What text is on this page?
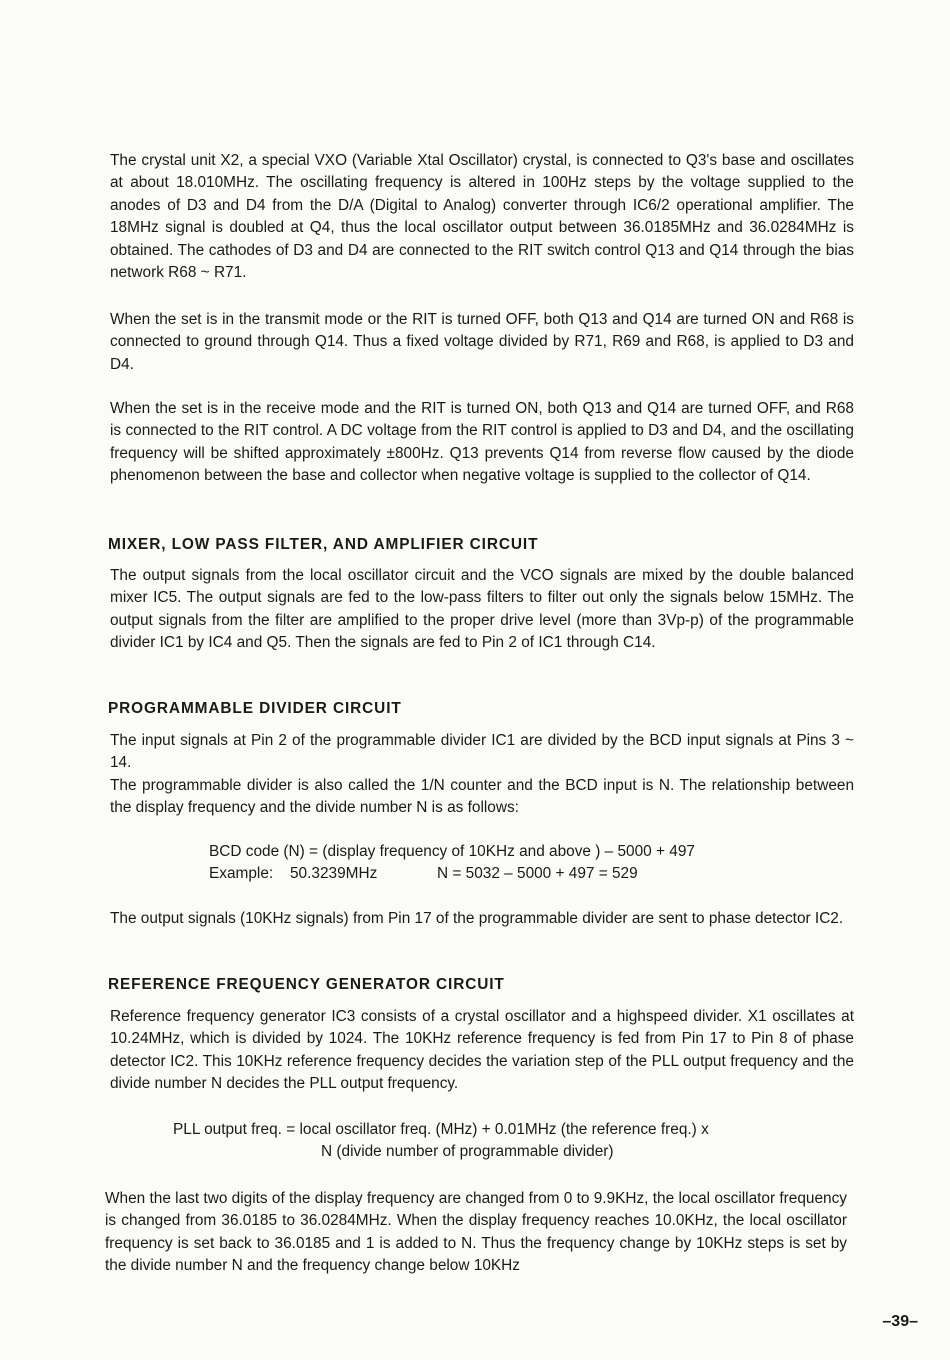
The crystal unit X2, a special VXO (Variable Xtal Oscillator) crystal, is connected to Q3's base and oscillates at about 18.010MHz. The oscillating frequency is altered in 100Hz steps by the voltage supplied to the anodes of D3 and D4 from the D/A (Digital to Analog) converter through IC6/2 operational amplifier. The 18MHz signal is doubled at Q4, thus the local oscillator output between 36.0185MHz and 36.0284MHz is obtained. The cathodes of D3 and D4 are connected to the RIT switch control Q13 and Q14 through the bias network R68 ~ R71.

When the set is in the transmit mode or the RIT is turned OFF, both Q13 and Q14 are turned ON and R68 is connected to ground through Q14. Thus a fixed voltage divided by R71, R69 and R68, is applied to D3 and D4.

When the set is in the receive mode and the RIT is turned ON, both Q13 and Q14 are turned OFF, and R68 is connected to the RIT control. A DC voltage from the RIT control is applied to D3 and D4, and the oscillating frequency will be shifted approximately ±800Hz. Q13 prevents Q14 from reverse flow caused by the diode phenomenon between the base and collector when negative voltage is supplied to the collector of Q14.

MIXER, LOW PASS FILTER, AND AMPLIFIER CIRCUIT

The output signals from the local oscillator circuit and the VCO signals are mixed by the double balanced mixer IC5. The output signals are fed to the low-pass filters to filter out only the signals below 15MHz. The output signals from the filter are amplified to the proper drive level (more than 3Vp-p) of the programmable divider IC1 by IC4 and Q5. Then the signals are fed to Pin 2 of IC1 through C14.

PROGRAMMABLE DIVIDER CIRCUIT

The input signals at Pin 2 of the programmable divider IC1 are divided by the BCD input signals at Pins 3 ~ 14.

The programmable divider is also called the 1/N counter and the BCD input is N. The relationship between the display frequency and the divide number N is as follows:

BCD code (N) = (display frequency of 10KHz and above ) – 5000 + 497
Example: 50.3239MHz	N = 5032 – 5000 + 497 = 529

The output signals (10KHz signals) from Pin 17 of the programmable divider are sent to phase detector IC2.

REFERENCE FREQUENCY GENERATOR CIRCUIT

Reference frequency generator IC3 consists of a crystal oscillator and a highspeed divider. X1 oscillates at 10.24MHz, which is divided by 1024. The 10KHz reference frequency is fed from Pin 17 to Pin 8 of phase detector IC2. This 10KHz reference frequency decides the variation step of the PLL output frequency and the divide number N decides the PLL output frequency.

PLL output freq. = local oscillator freq. (MHz) + 0.01MHz (the reference freq.) x
N (divide number of programmable divider)

When the last two digits of the display frequency are changed from 0 to 9.9KHz, the local oscillator frequency is changed from 36.0185 to 36.0284MHz. When the display frequency reaches 10.0KHz, the local oscillator frequency is set back to 36.0185 and 1 is added to N. Thus the frequency change by 10KHz steps is set by the divide number N and the frequency change below 10KHz

–39–
